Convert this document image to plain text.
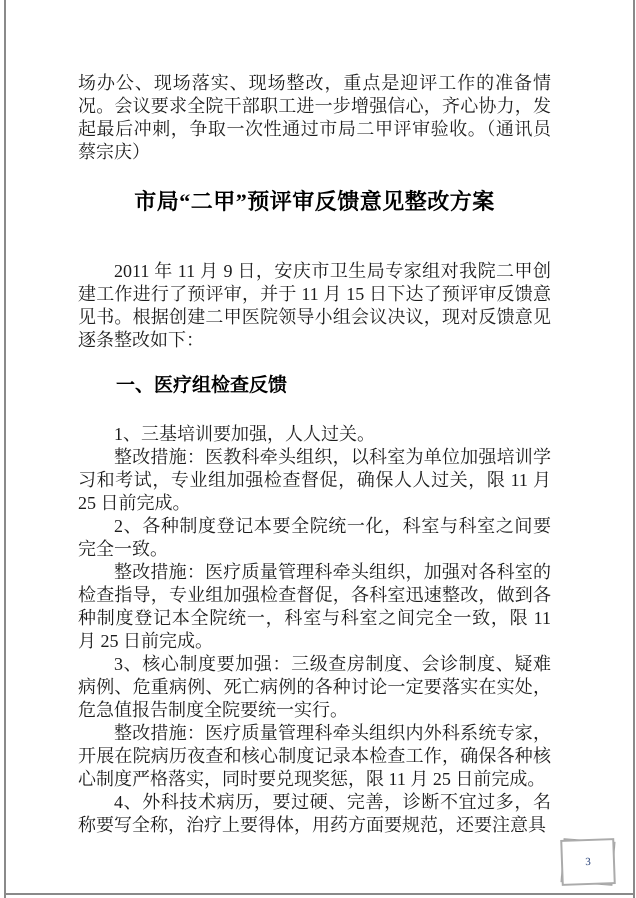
场办公、现场落实、现场整改，重点是迎评工作的准备情况。会议要求全院干部职工进一步增强信心，齐心协力，发起最后冲刺，争取一次性通过市局二甲评审验收。（通讯员　蔡宗庆）

市局“二甲”预评审反馈意见整改方案

2011 年 11 月 9 日，安庆市卫生局专家组对我院二甲创建工作进行了预评审，并于 11 月 15 日下达了预评审反馈意见书。根据创建二甲医院领导小组会议决议，现对反馈意见逐条整改如下：

一、医疗组检查反馈

1、三基培训要加强，人人过关。

整改措施：医教科牵头组织，以科室为单位加强培训学习和考试，专业组加强检查督促，确保人人过关，限 11 月 25 日前完成。

2、各种制度登记本要全院统一化，科室与科室之间要完全一致。

整改措施：医疗质量管理科牵头组织，加强对各科室的检查指导，专业组加强检查督促，各科室迅速整改，做到各种制度登记本全院统一，科室与科室之间完全一致，限 11 月 25 日前完成。

3、核心制度要加强：三级查房制度、会诊制度、疑难病例、危重病例、死亡病例的各种讨论一定要落实在实处，危急值报告制度全院要统一实行。

整改措施：医疗质量管理科牵头组织内外科系统专家，开展在院病历夜查和核心制度记录本检查工作，确保各种核心制度严格落实，同时要兑现奖惩，限 11 月 25 日前完成。

4、外科技术病历，要过硬、完善，诊断不宜过多，名称要写全称，治疗上要得体，用药方面要规范，还要注意具

3
